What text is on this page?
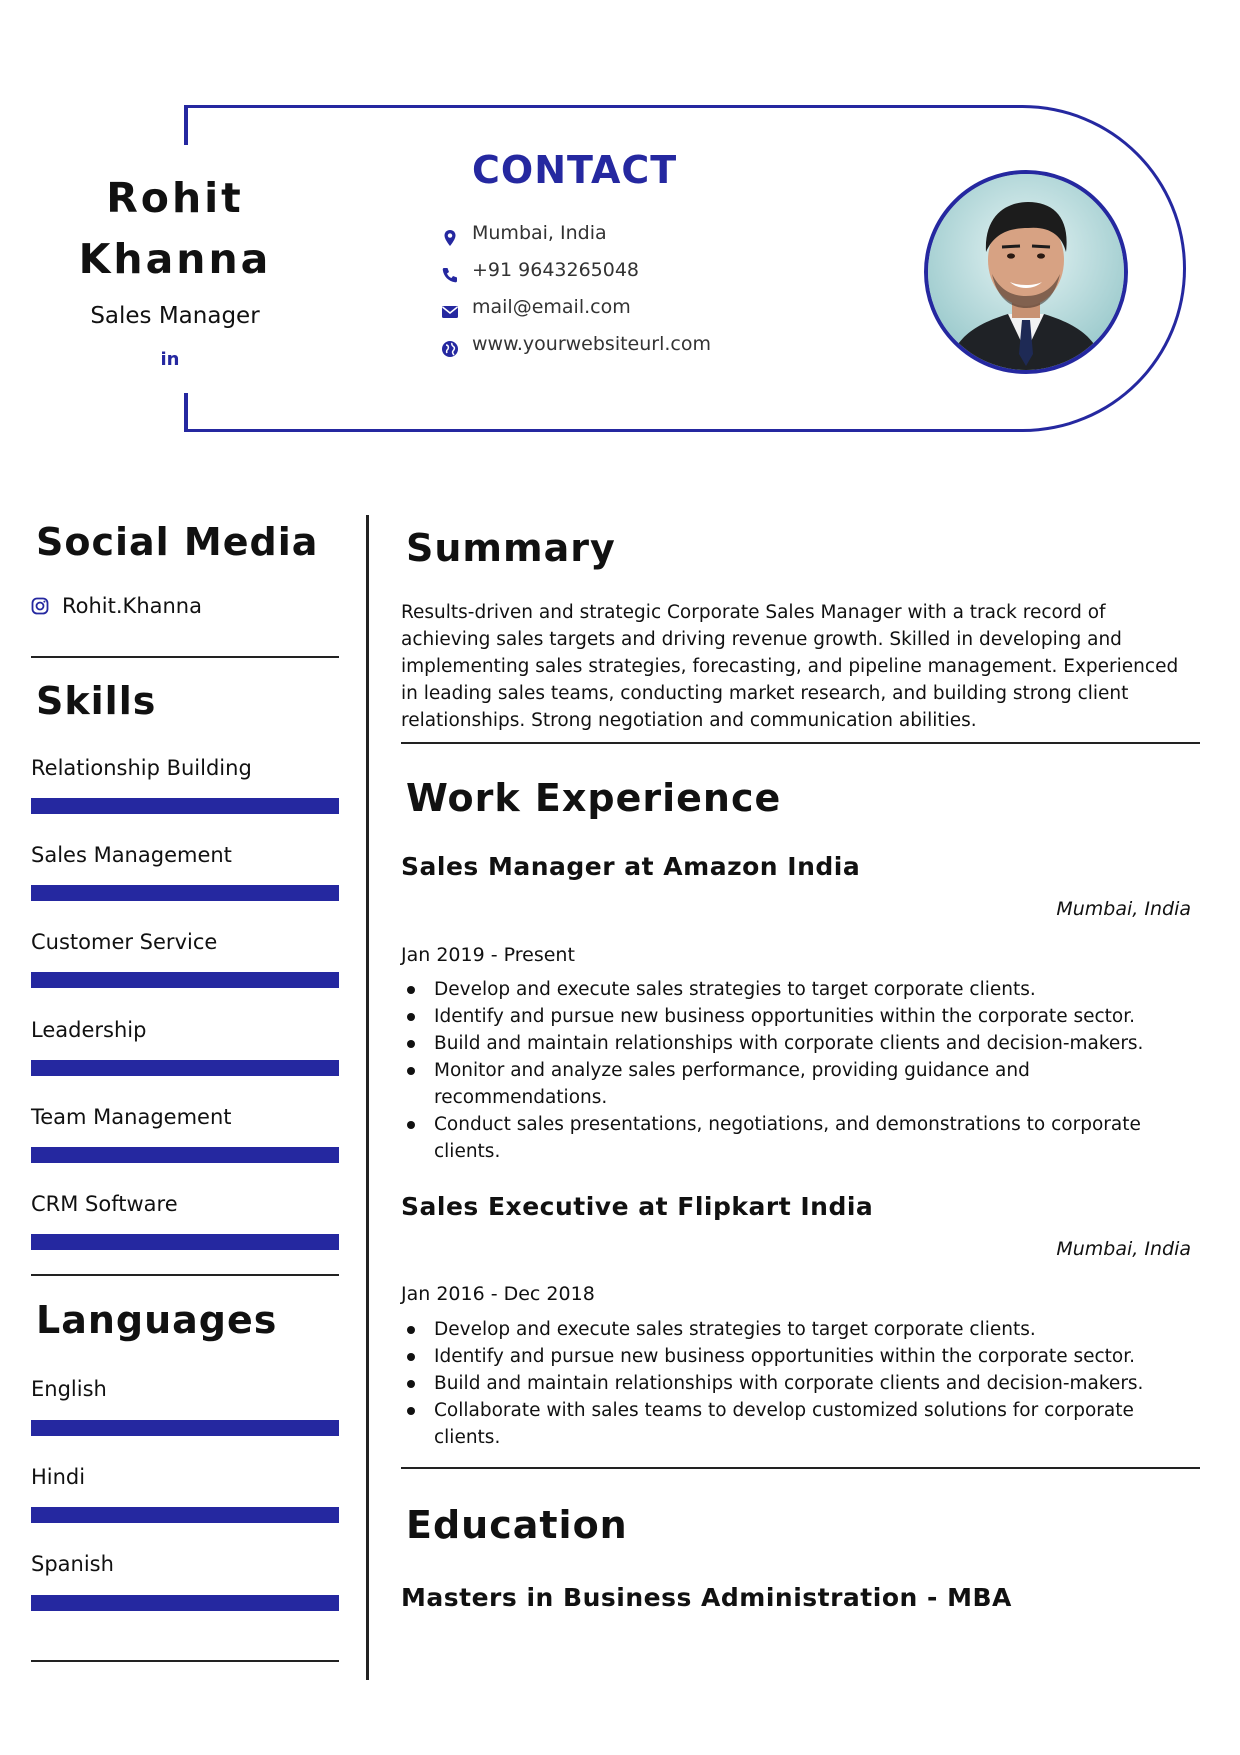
Rohit
Khanna
Sales Manager
in
CONTACT
Mumbai, India
+91 9643265048
mail@email.com
www.yourwebsiteurl.com
Social Media
Rohit.Khanna
Skills
Relationship Building
Sales Management
Customer Service
Leadership
Team Management
CRM Software
Languages
English
Hindi
Spanish
Summary
Results-driven and strategic Corporate Sales Manager with a track record of achieving sales targets and driving revenue growth. Skilled in developing and implementing sales strategies, forecasting, and pipeline management. Experienced in leading sales teams, conducting market research, and building strong client relationships. Strong negotiation and communication abilities.
Work Experience
Sales Manager at Amazon India
Mumbai, India
Jan 2019 - Present
Develop and execute sales strategies to target corporate clients.
Identify and pursue new business opportunities within the corporate sector.
Build and maintain relationships with corporate clients and decision-makers.
Monitor and analyze sales performance, providing guidance and recommendations.
Conduct sales presentations, negotiations, and demonstrations to corporate clients.
Sales Executive at Flipkart India
Mumbai, India
Jan 2016 - Dec 2018
Develop and execute sales strategies to target corporate clients.
Identify and pursue new business opportunities within the corporate sector.
Build and maintain relationships with corporate clients and decision-makers.
Collaborate with sales teams to develop customized solutions for corporate clients.
Education
Masters in Business Administration - MBA
